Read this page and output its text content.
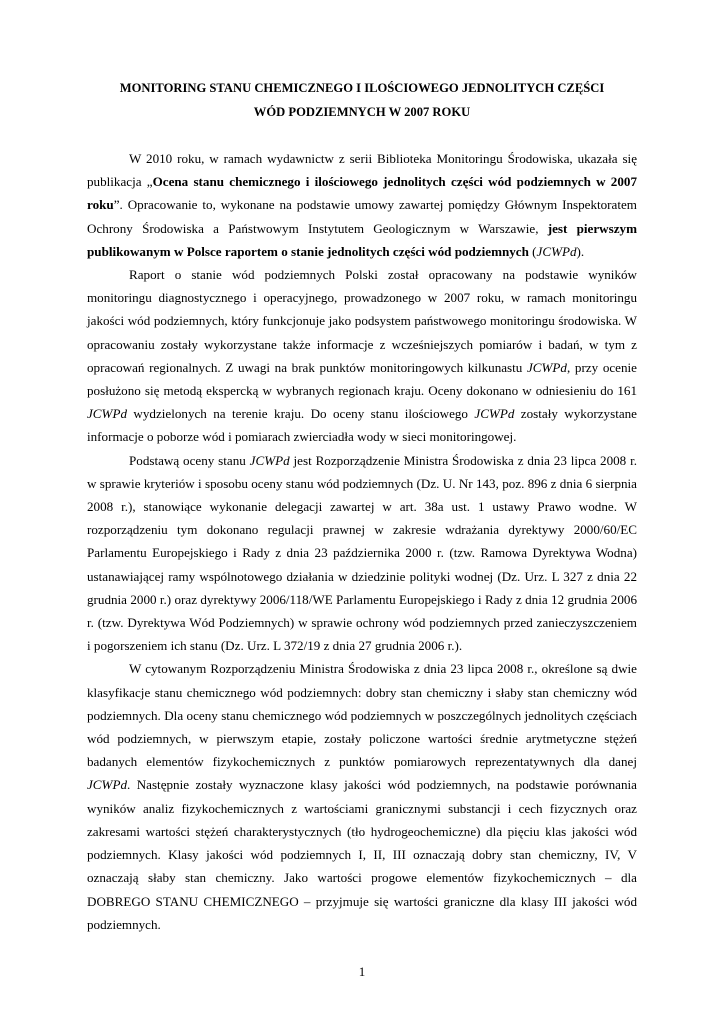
MONITORING STANU CHEMICZNEGO I ILOŚCIOWEGO JEDNOLITYCH CZĘŚCI
WÓD PODZIEMNYCH W 2007 ROKU

W 2010 roku, w ramach wydawnictw z serii Biblioteka Monitoringu Środowiska, ukazała się publikacja „Ocena stanu chemicznego i ilościowego jednolitych części wód podziemnych w 2007 roku”. Opracowanie to, wykonane na podstawie umowy zawartej pomiędzy Głównym Inspektoratem Ochrony Środowiska a Państwowym Instytutem Geologicznym w Warszawie, jest pierwszym publikowanym w Polsce raportem o stanie jednolitych części wód podziemnych (JCWPd).

Raport o stanie wód podziemnych Polski został opracowany na podstawie wyników monitoringu diagnostycznego i operacyjnego, prowadzonego w 2007 roku, w ramach monitoringu jakości wód podziemnych, który funkcjonuje jako podsystem państwowego monitoringu środowiska. W opracowaniu zostały wykorzystane także informacje z wcześniejszych pomiarów i badań, w tym z opracowań regionalnych. Z uwagi na brak punktów monitoringowych kilkunastu JCWPd, przy ocenie posłużono się metodą ekspercką w wybranych regionach kraju. Oceny dokonano w odniesieniu do 161 JCWPd wydzielonych na terenie kraju. Do oceny stanu ilościowego JCWPd zostały wykorzystane informacje o poborze wód i pomiarach zwierciadła wody w sieci monitoringowej.

Podstawą oceny stanu JCWPd jest Rozporządzenie Ministra Środowiska z dnia 23 lipca 2008 r. w sprawie kryteriów i sposobu oceny stanu wód podziemnych (Dz. U. Nr 143, poz. 896 z dnia 6 sierpnia 2008 r.), stanowiące wykonanie delegacji zawartej w art. 38a ust. 1 ustawy Prawo wodne. W rozporządzeniu tym dokonano regulacji prawnej w zakresie wdrażania dyrektywy 2000/60/EC Parlamentu Europejskiego i Rady z dnia 23 października 2000 r. (tzw. Ramowa Dyrektywa Wodna) ustanawiającej ramy wspólnotowego działania w dziedzinie polityki wodnej (Dz. Urz. L 327 z dnia 22 grudnia 2000 r.) oraz dyrektywy 2006/118/WE Parlamentu Europejskiego i Rady z dnia 12 grudnia 2006 r. (tzw. Dyrektywa Wód Podziemnych) w sprawie ochrony wód podziemnych przed zanieczyszczeniem i pogorszeniem ich stanu (Dz. Urz. L 372/19 z dnia 27 grudnia 2006 r.).

W cytowanym Rozporządzeniu Ministra Środowiska z dnia 23 lipca 2008 r., określone są dwie klasyfikacje stanu chemicznego wód podziemnych: dobry stan chemiczny i słaby stan chemiczny wód podziemnych. Dla oceny stanu chemicznego wód podziemnych w poszczególnych jednolitych częściach wód podziemnych, w pierwszym etapie, zostały policzone wartości średnie arytmetyczne stężeń badanych elementów fizykochemicznych z punktów pomiarowych reprezentatywnych dla danej JCWPd. Następnie zostały wyznaczone klasy jakości wód podziemnych, na podstawie porównania wyników analiz fizykochemicznych z wartościami granicznymi substancji i cech fizycznych oraz zakresami wartości stężeń charakterystycznych (tło hydrogeochemiczne) dla pięciu klas jakości wód podziemnych. Klasy jakości wód podziemnych I, II, III oznaczają dobry stan chemiczny, IV, V oznaczają słaby stan chemiczny. Jako wartości progowe elementów fizykochemicznych – dla DOBREGO STANU CHEMICZNEGO – przyjmuje się wartości graniczne dla klasy III jakości wód podziemnych.

1
